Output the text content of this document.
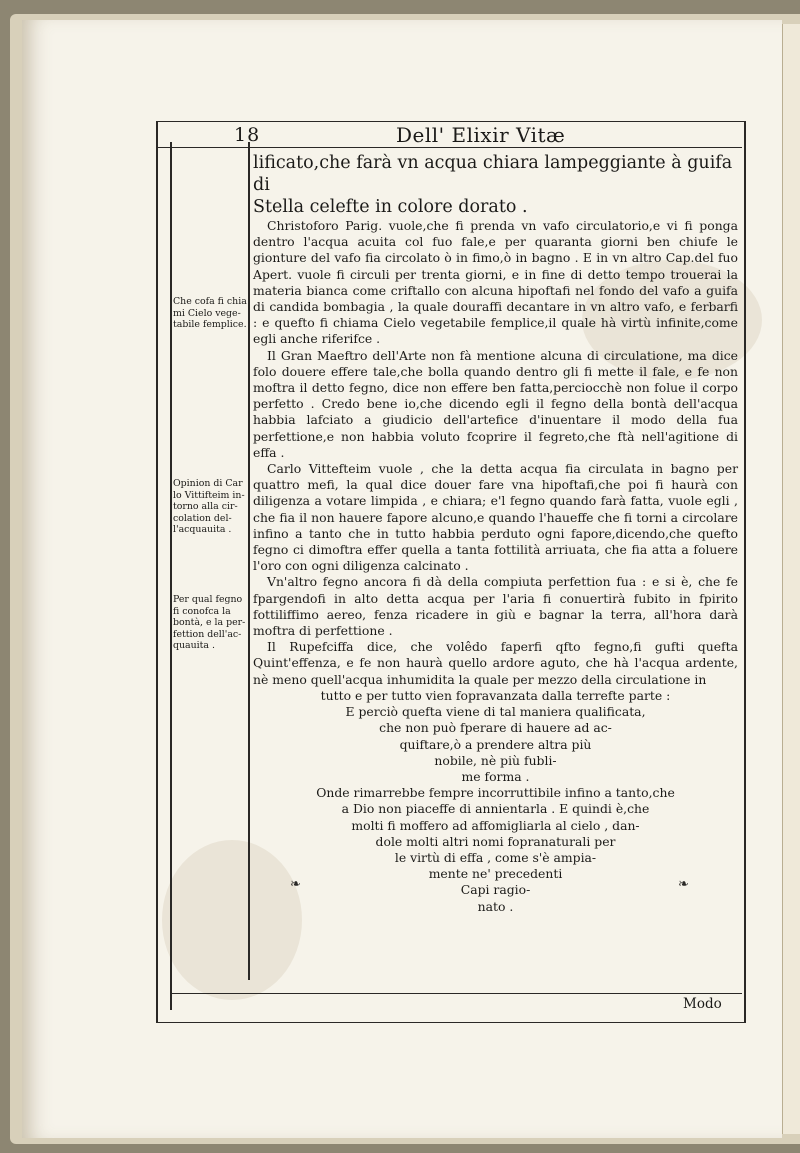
18	Dell' Elixir Vitæ

lificato,che farà vn acqua chiara lampeggiante à guifa di

Stella celefte in colore dorato .

Christoforo Parig. vuole,che fi prenda vn vafo circulatorio,e vi fi ponga dentro l'acqua acuita col fuo fale,e per quaranta giorni ben chiufe le gionture del vafo fia circolato ò in fimo,ò in bagno . E in vn altro Cap.del fuo Apert. vuole fi circuli per trenta giorni, e in fine di detto tempo trouerai la materia bianca come criftallo con alcuna hipoftafi nel fondo del vafo a guifa di candida bombagia , la quale douraffi decantare in vn altro vafo, e ferbarfi : e quefto fi chiama Cielo vegetabile femplice,il quale hà virtù infinite,come egli anche riferifce .

Il Gran Maeftro dell'Arte non fà mentione alcuna di circulatione, ma dice folo douere effere tale,che bolla quando dentro gli fi mette il fale, e fe non moftra il detto fegno, dice non effere ben fatta,perciocchè non folue il corpo perfetto . Credo bene io,che dicendo egli il fegno della bontà dell'acqua habbia lafciato a giudicio dell'artefice d'inuentare il modo della fua perfettione,e non habbia voluto fcoprire il fegreto,che ftà nell'agitione di effa .

Carlo Vittefteim vuole , che la detta acqua fia circulata in bagno per quattro mefi, la qual dice douer fare vna hipoftafi,che poi fi haurà con diligenza a votare limpida , e chiara; e'l fegno quando farà fatta, vuole egli , che fia il non hauere fapore alcuno,e quando l'haueffe che fi torni a circolare infino a tanto che in tutto habbia perduto ogni fapore,dicendo,che quefto fegno ci dimoftra effer quella a tanta fottilità arriuata, che fia atta a foluere l'oro con ogni diligenza calcinato .

Vn'altro fegno ancora fi dà della compiuta perfettion fua : e si è, che fe fpargendofi in alto detta acqua per l'aria fi conuertirà fubito in fpirito fottiliffimo aereo, fenza ricadere in giù e bagnar la terra, all'hora darà moftra di perfettione .

Il Rupefciffa dice, che volêdo faperfi qfto fegno,fi gufti quefta Quint'effenza, e fe non haurà quello ardore aguto, che hà l'acqua ardente, nè meno quell'acqua inhumidita la quale per mezzo della circulatione in

tutto e per tutto vien fopravanzata dalla terrefte parte :

E perciò quefta viene di tal maniera qualificata,

che non può fperare di hauere ad ac-

quiftare,ò a prendere altra più

nobile, nè più fubli-

me forma .

Onde rimarrebbe fempre incorruttibile infino a tanto,che

a Dio non piaceffe di annientarla . E quindi è,che

molti fi moffero ad affomigliarla al cielo , dan-

dole molti altri nomi fopranaturali per

le virtù di effa , come s'è ampia-

mente ne' precedenti

Capi ragio-

nato .

Che cofa fi chia mi Cielo vege- tabile femplice.
Opinion di Car lo Vittifteim in- torno alla cir- colation del- l'acquauita .
Per qual fegno fi conofca la bontà, e la per- fettion dell'ac- quauita .
❧	❧
Modo
